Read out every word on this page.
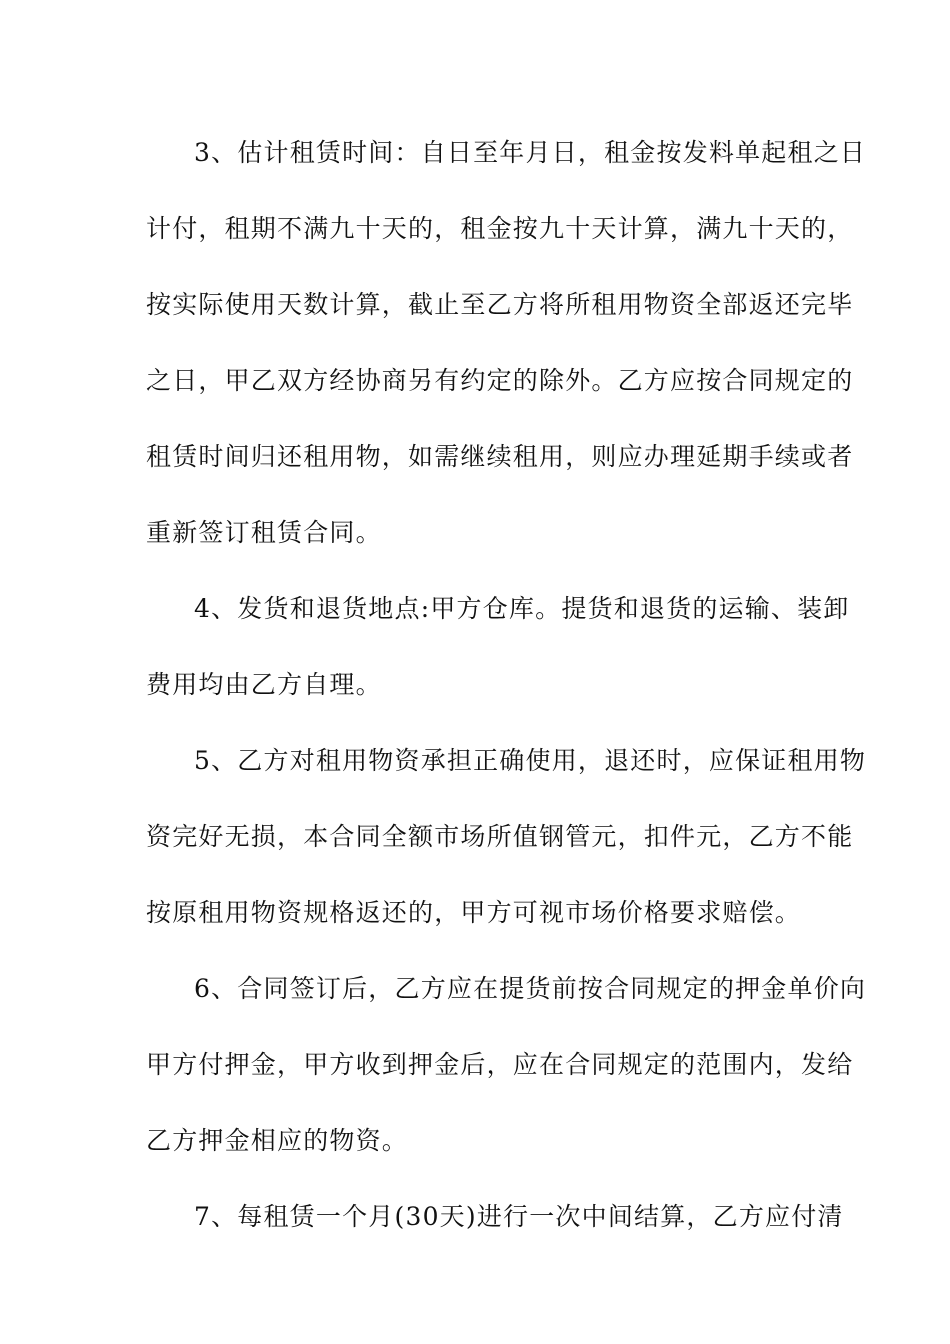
3、估计租赁时间：自日至年月日，租金按发料单起租之日
计付，租期不满九十天的，租金按九十天计算，满九十天的，
按实际使用天数计算，截止至乙方将所租用物资全部返还完毕
之日，甲乙双方经协商另有约定的除外。乙方应按合同规定的
租赁时间归还租用物，如需继续租用，则应办理延期手续或者
重新签订租赁合同。
4、发货和退货地点:甲方仓库。提货和退货的运输、装卸
费用均由乙方自理。
5、乙方对租用物资承担正确使用，退还时，应保证租用物
资完好无损，本合同全额市场所值钢管元，扣件元，乙方不能
按原租用物资规格返还的，甲方可视市场价格要求赔偿。
6、合同签订后，乙方应在提货前按合同规定的押金单价向
甲方付押金，甲方收到押金后，应在合同规定的范围内，发给
乙方押金相应的物资。
7、每租赁一个月(30天)进行一次中间结算，乙方应付清
